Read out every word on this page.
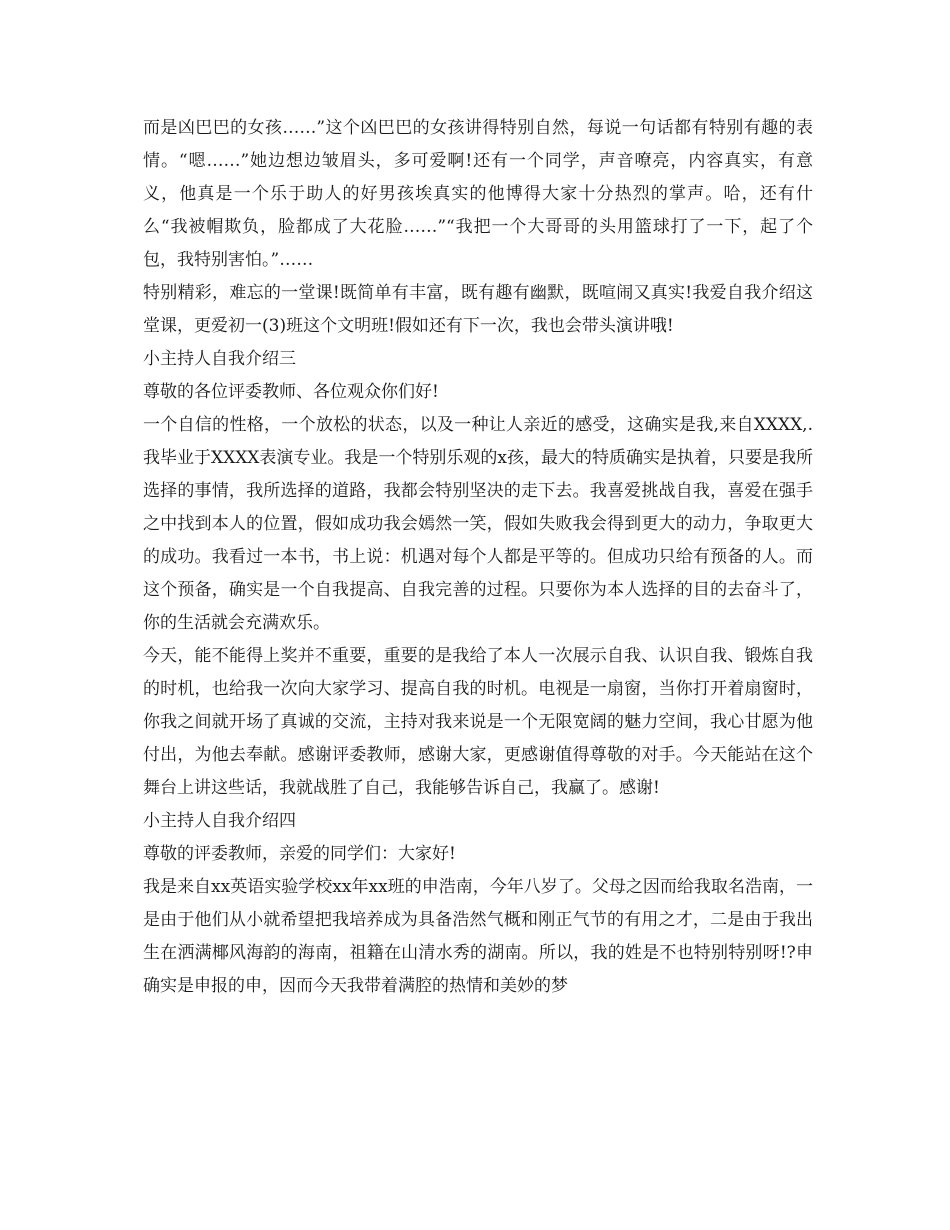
而是凶巴巴的女孩……”这个凶巴巴的女孩讲得特别自然，每说一句话都有特别有趣的表情。“嗯……”她边想边皱眉头，多可爱啊!还有一个同学，声音嘹亮，内容真实，有意义，他真是一个乐于助人的好男孩埃真实的他博得大家十分热烈的掌声。哈，还有什么“我被帽欺负，脸都成了大花脸……”“我把一个大哥哥的头用篮球打了一下，起了个包，我特别害怕。”……

特别精彩，难忘的一堂课!既简单有丰富，既有趣有幽默，既喧闹又真实!我爱自我介绍这堂课，更爱初一(3)班这个文明班!假如还有下一次，我也会带头演讲哦!

小主持人自我介绍三

尊敬的各位评委教师、各位观众你们好!

一个自信的性格，一个放松的状态，以及一种让人亲近的感受，这确实是我,来自XXXX,.我毕业于XXXX表演专业。我是一个特别乐观的x孩，最大的特质确实是执着，只要是我所选择的事情，我所选择的道路，我都会特别坚决的走下去。我喜爱挑战自我，喜爱在强手之中找到本人的位置，假如成功我会嫣然一笑，假如失败我会得到更大的动力，争取更大的成功。我看过一本书，书上说：机遇对每个人都是平等的。但成功只给有预备的人。而这个预备，确实是一个自我提高、自我完善的过程。只要你为本人选择的目的去奋斗了，你的生活就会充满欢乐。

今天，能不能得上奖并不重要，重要的是我给了本人一次展示自我、认识自我、锻炼自我的时机，也给我一次向大家学习、提高自我的时机。电视是一扇窗，当你打开着扇窗时，你我之间就开场了真诚的交流，主持对我来说是一个无限宽阔的魅力空间，我心甘愿为他付出，为他去奉献。感谢评委教师，感谢大家，更感谢值得尊敬的对手。今天能站在这个舞台上讲这些话，我就战胜了自己，我能够告诉自己，我赢了。感谢!

小主持人自我介绍四

尊敬的评委教师，亲爱的同学们：大家好!

我是来自xx英语实验学校xx年xx班的申浩南，今年八岁了。父母之因而给我取名浩南，一是由于他们从小就希望把我培养成为具备浩然气概和刚正气节的有用之才，二是由于我出生在洒满椰风海韵的海南，祖籍在山清水秀的湖南。所以，我的姓是不也特别特别呀!?申确实是申报的申，因而今天我带着满腔的热情和美妙的梦
